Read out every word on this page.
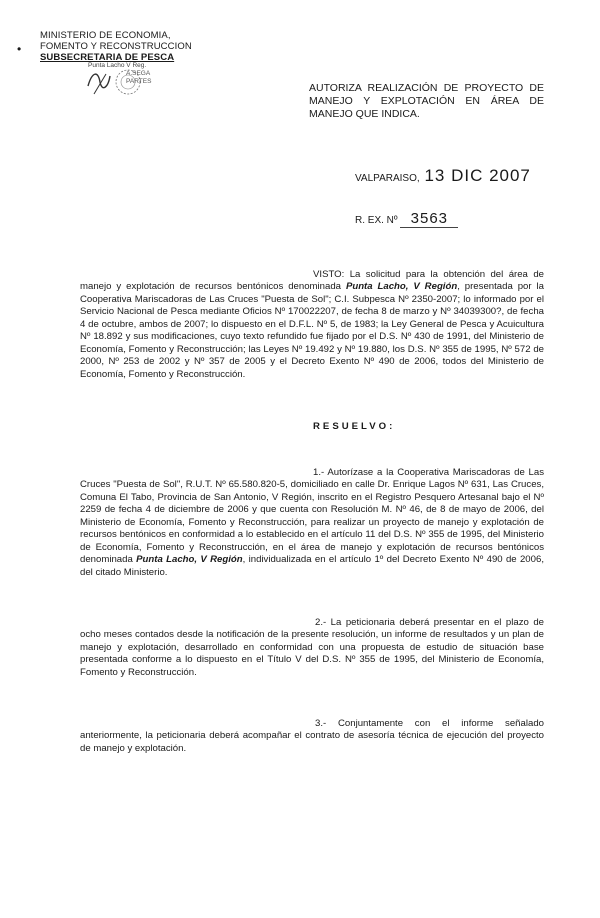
•
MINISTERIO DE ECONOMIA,
FOMENTO Y RECONSTRUCCION
SUBSECRETARIA DE PESCA
Punta Lacho V Reg.
A.SEGA
PARTES
AUTORIZA REALIZACIÓN DE PROYECTO DE MANEJO Y EXPLOTACIÓN EN ÁREA DE MANEJO QUE INDICA.
VALPARAISO, 13 DIC 2007
R. EX. Nº 3563
VISTO: La solicitud para la obtención del área de manejo y explotación de recursos bentónicos denominada Punta Lacho, V Región, presentada por la Cooperativa Mariscadoras de Las Cruces "Puesta de Sol"; C.I. Subpesca Nº 2350-2007; lo informado por el Servicio Nacional de Pesca mediante Oficios Nº 170022207, de fecha 8 de marzo y Nº 34039300?, de fecha 4 de octubre, ambos de 2007; lo dispuesto en el D.F.L. Nº 5, de 1983; la Ley General de Pesca y Acuicultura Nº 18.892 y sus modificaciones, cuyo texto refundido fue fijado por el D.S. Nº 430 de 1991, del Ministerio de Economía, Fomento y Reconstrucción; las Leyes Nº 19.492 y Nº 19.880, los D.S. Nº 355 de 1995, Nº 572 de 2000, Nº 253 de 2002 y Nº 357 de 2005 y el Decreto Exento Nº 490 de 2006, todos del Ministerio de Economía, Fomento y Reconstrucción.
RESUELVO:
1.- Autorízase a la Cooperativa Mariscadoras de Las Cruces "Puesta de Sol", R.U.T. Nº 65.580.820-5, domiciliado en calle Dr. Enrique Lagos Nº 631, Las Cruces, Comuna El Tabo, Provincia de San Antonio, V Región, inscrito en el Registro Pesquero Artesanal bajo el Nº 2259 de fecha 4 de diciembre de 2006 y que cuenta con Resolución M. Nº 46, de 8 de mayo de 2006, del Ministerio de Economía, Fomento y Reconstrucción, para realizar un proyecto de manejo y explotación de recursos bentónicos en conformidad a lo establecido en el artículo 11 del D.S. Nº 355 de 1995, del Ministerio de Economía, Fomento y Reconstrucción, en el área de manejo y explotación de recursos bentónicos denominada Punta Lacho, V Región, individualizada en el artículo 1º del Decreto Exento Nº 490 de 2006, del citado Ministerio.
2.- La peticionaria deberá presentar en el plazo de ocho meses contados desde la notificación de la presente resolución, un informe de resultados y un plan de manejo y explotación, desarrollado en conformidad con una propuesta de estudio de situación base presentada conforme a lo dispuesto en el Título V del D.S. Nº 355 de 1995, del Ministerio de Economía, Fomento y Reconstrucción.
3.- Conjuntamente con el informe señalado anteriormente, la peticionaria deberá acompañar el contrato de asesoría técnica de ejecución del proyecto de manejo y explotación.
